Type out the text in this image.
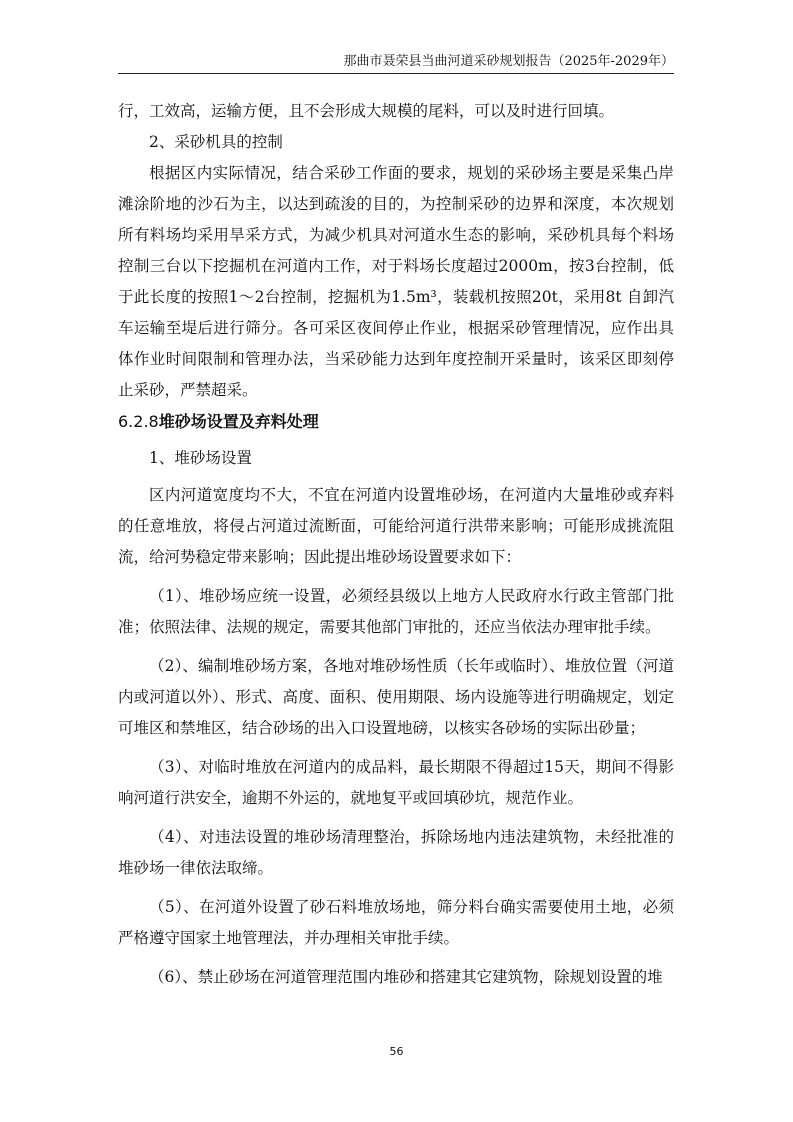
那曲市聂荣县当曲河道采砂规划报告（2025年-2029年）

行，工效高，运输方便，且不会形成大规模的尾料，可以及时进行回填。

2、采砂机具的控制

根据区内实际情况，结合采砂工作面的要求，规划的采砂场主要是采集凸岸滩涂阶地的沙石为主，以达到疏浚的目的，为控制采砂的边界和深度，本次规划所有料场均采用旱采方式，为减少机具对河道水生态的影响，采砂机具每个料场控制三台以下挖掘机在河道内工作，对于料场长度超过2000m，按3台控制，低于此长度的按照1～2台控制，挖掘机为1.5m³，装载机按照20t，采用8t 自卸汽车运输至堤后进行筛分。各可采区夜间停止作业，根据采砂管理情况，应作出具体作业时间限制和管理办法，当采砂能力达到年度控制开采量时，该采区即刻停止采砂，严禁超采。

6.2.8堆砂场设置及弃料处理

1、堆砂场设置

区内河道宽度均不大，不宜在河道内设置堆砂场，在河道内大量堆砂或弃料的任意堆放，将侵占河道过流断面，可能给河道行洪带来影响；可能形成挑流阻流，给河势稳定带来影响；因此提出堆砂场设置要求如下：

（1）、堆砂场应统一设置，必须经县级以上地方人民政府水行政主管部门批准；依照法律、法规的规定，需要其他部门审批的，还应当依法办理审批手续。

（2）、编制堆砂场方案，各地对堆砂场性质（长年或临时）、堆放位置（河道内或河道以外）、形式、高度、面积、使用期限、场内设施等进行明确规定，划定可堆区和禁堆区，结合砂场的出入口设置地磅，以核实各砂场的实际出砂量；

（3）、对临时堆放在河道内的成品料，最长期限不得超过15天，期间不得影响河道行洪安全，逾期不外运的，就地复平或回填砂坑，规范作业。

（4）、对违法设置的堆砂场清理整治，拆除场地内违法建筑物，未经批准的堆砂场一律依法取缔。

（5）、在河道外设置了砂石料堆放场地，筛分料台确实需要使用土地，必须严格遵守国家土地管理法，并办理相关审批手续。

（6）、禁止砂场在河道管理范围内堆砂和搭建其它建筑物，除规划设置的堆

56
